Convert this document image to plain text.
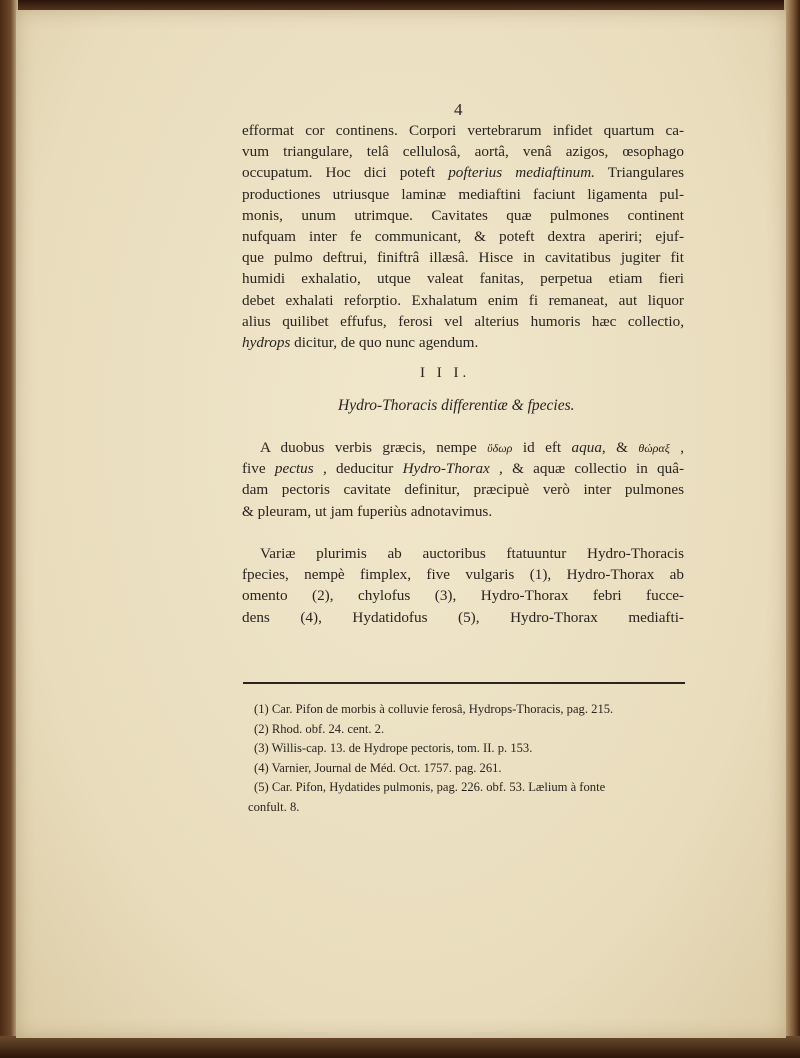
4
efformat cor continens. Corpori vertebrarum infidet quartum ca-
vum triangulare, telâ cellulosâ, aortâ, venâ azigos, œsophago
occupatum. Hoc dici poteft pofterius mediaftinum. Triangulares
productiones utriusque laminæ mediaftini faciunt ligamenta pul-
monis, unum utrimque. Cavitates quæ pulmones continent
nufquam inter fe communicant, & poteft dextra aperiri; ejuf-
que pulmo deftrui, finiftrâ illæsâ. Hisce in cavitatibus jugiter fit
humidi exhalatio, utque valeat fanitas, perpetua etiam fieri
debet exhalati reforptio. Exhalatum enim fi remaneat, aut liquor
alius quilibet effufus, ferosi vel alterius humoris hæc collectio,
hydrops dicitur, de quo nunc agendum.
I I I.
Hydro-Thoracis differentiæ & fpecies.
A duobus verbis græcis, nempe ὕδωρ id eft aqua, & θώραξ ,
five pectus , deducitur Hydro-Thorax , & aquæ collectio in quâ-
dam pectoris cavitate definitur, præcipuè verò inter pulmones
& pleuram, ut jam fuperiùs adnotavimus.
Variæ plurimis ab auctoribus ftatuuntur Hydro-Thoracis
fpecies, nempè fimplex, five vulgaris (1), Hydro-Thorax ab
omento (2), chylofus (3), Hydro-Thorax febri fucce-
dens (4), Hydatidofus (5), Hydro-Thorax mediafti-
(1) Car. Pifon de morbis à colluvie ferosâ, Hydrops-Thoracis, pag. 215.
(2) Rhod. obf. 24. cent. 2.
(3) Willis-cap. 13. de Hydrope pectoris, tom. II. p. 153.
(4) Varnier, Journal de Méd. Oct. 1757. pag. 261.
(5) Car. Pifon, Hydatides pulmonis, pag. 226. obf. 53. Lælium à fonte
confult. 8.
